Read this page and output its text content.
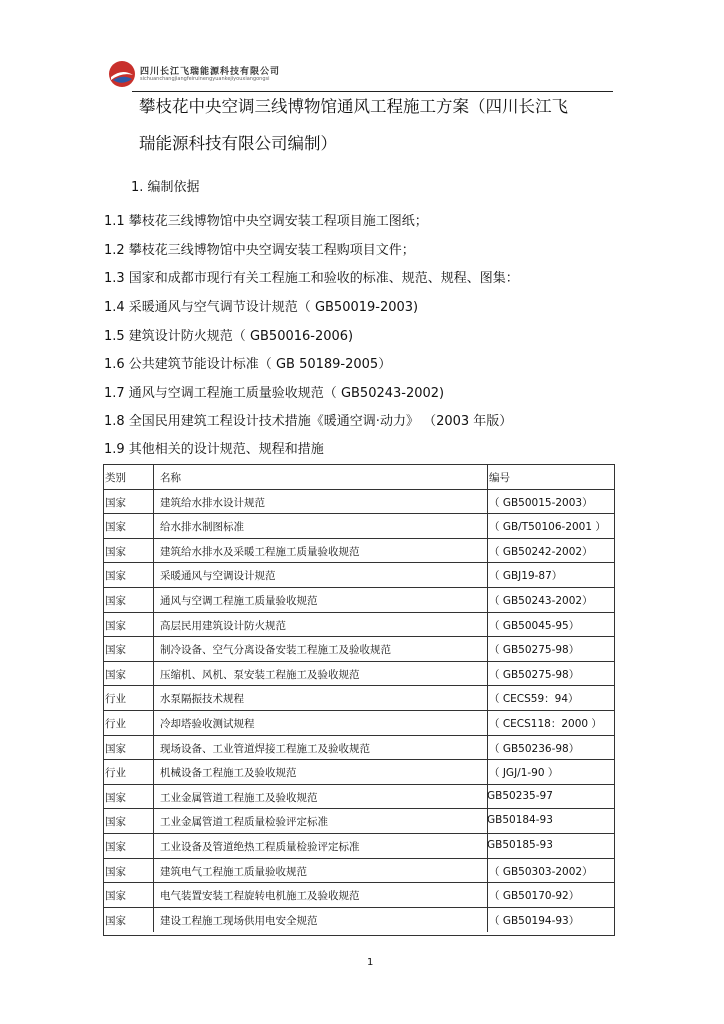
四川长江飞瑞能源科技有限公司
sichuanchangjiangfeiruinengyuankejiyouxiangongsi
攀枝花中央空调三线博物馆通风工程施工方案（四川长江飞
瑞能源科技有限公司编制）
1. 编制依据
1.1 攀枝花三线博物馆中央空调安装工程项目施工图纸；
1.2 攀枝花三线博物馆中央空调安装工程购项目文件；
1.3 国家和成都市现行有关工程施工和验收的标准、规范、规程、图集：
1.4 采暖通风与空气调节设计规范（ GB50019-2003)
1.5 建筑设计防火规范（ GB50016-2006)
1.6 公共建筑节能设计标准（ GB 50189-2005）
1.7 通风与空调工程施工质量验收规范（ GB50243-2002)
1.8 全国民用建筑工程设计技术措施《暖通空调·动力》 （2003 年版）
1.9 其他相关的设计规范、规程和措施
类别	名称	编号
国家	建筑给水排水设计规范	（ GB50015-2003）
国家	给水排水制图标准	（ GB/T50106-2001 ）
国家	建筑给水排水及采暖工程施工质量验收规范	（ GB50242-2002）
国家	采暖通风与空调设计规范	（ GBJ19-87）
国家	通风与空调工程施工质量验收规范	（ GB50243-2002）
国家	高层民用建筑设计防火规范	（ GB50045-95）
国家	制冷设备、空气分离设备安装工程施工及验收规范	（ GB50275-98）
国家	压缩机、风机、泵安装工程施工及验收规范	（ GB50275-98）
行业	水泵隔振技术规程	（ CECS59：94）
行业	冷却塔验收测试规程	（ CECS118：2000 ）
国家	现场设备、工业管道焊接工程施工及验收规范	（ GB50236-98）
行业	机械设备工程施工及验收规范	（ JGJ/1-90 ）
国家	工业金属管道工程施工及验收规范	GB50235-97
国家	工业金属管道工程质量检验评定标准	GB50184-93
国家	工业设备及管道绝热工程质量检验评定标准	GB50185-93
国家	建筑电气工程施工质量验收规范	（ GB50303-2002）
国家	电气装置安装工程旋转电机施工及验收规范	（ GB50170-92）
国家	建设工程施工现场供用电安全规范	（ GB50194-93）
1
